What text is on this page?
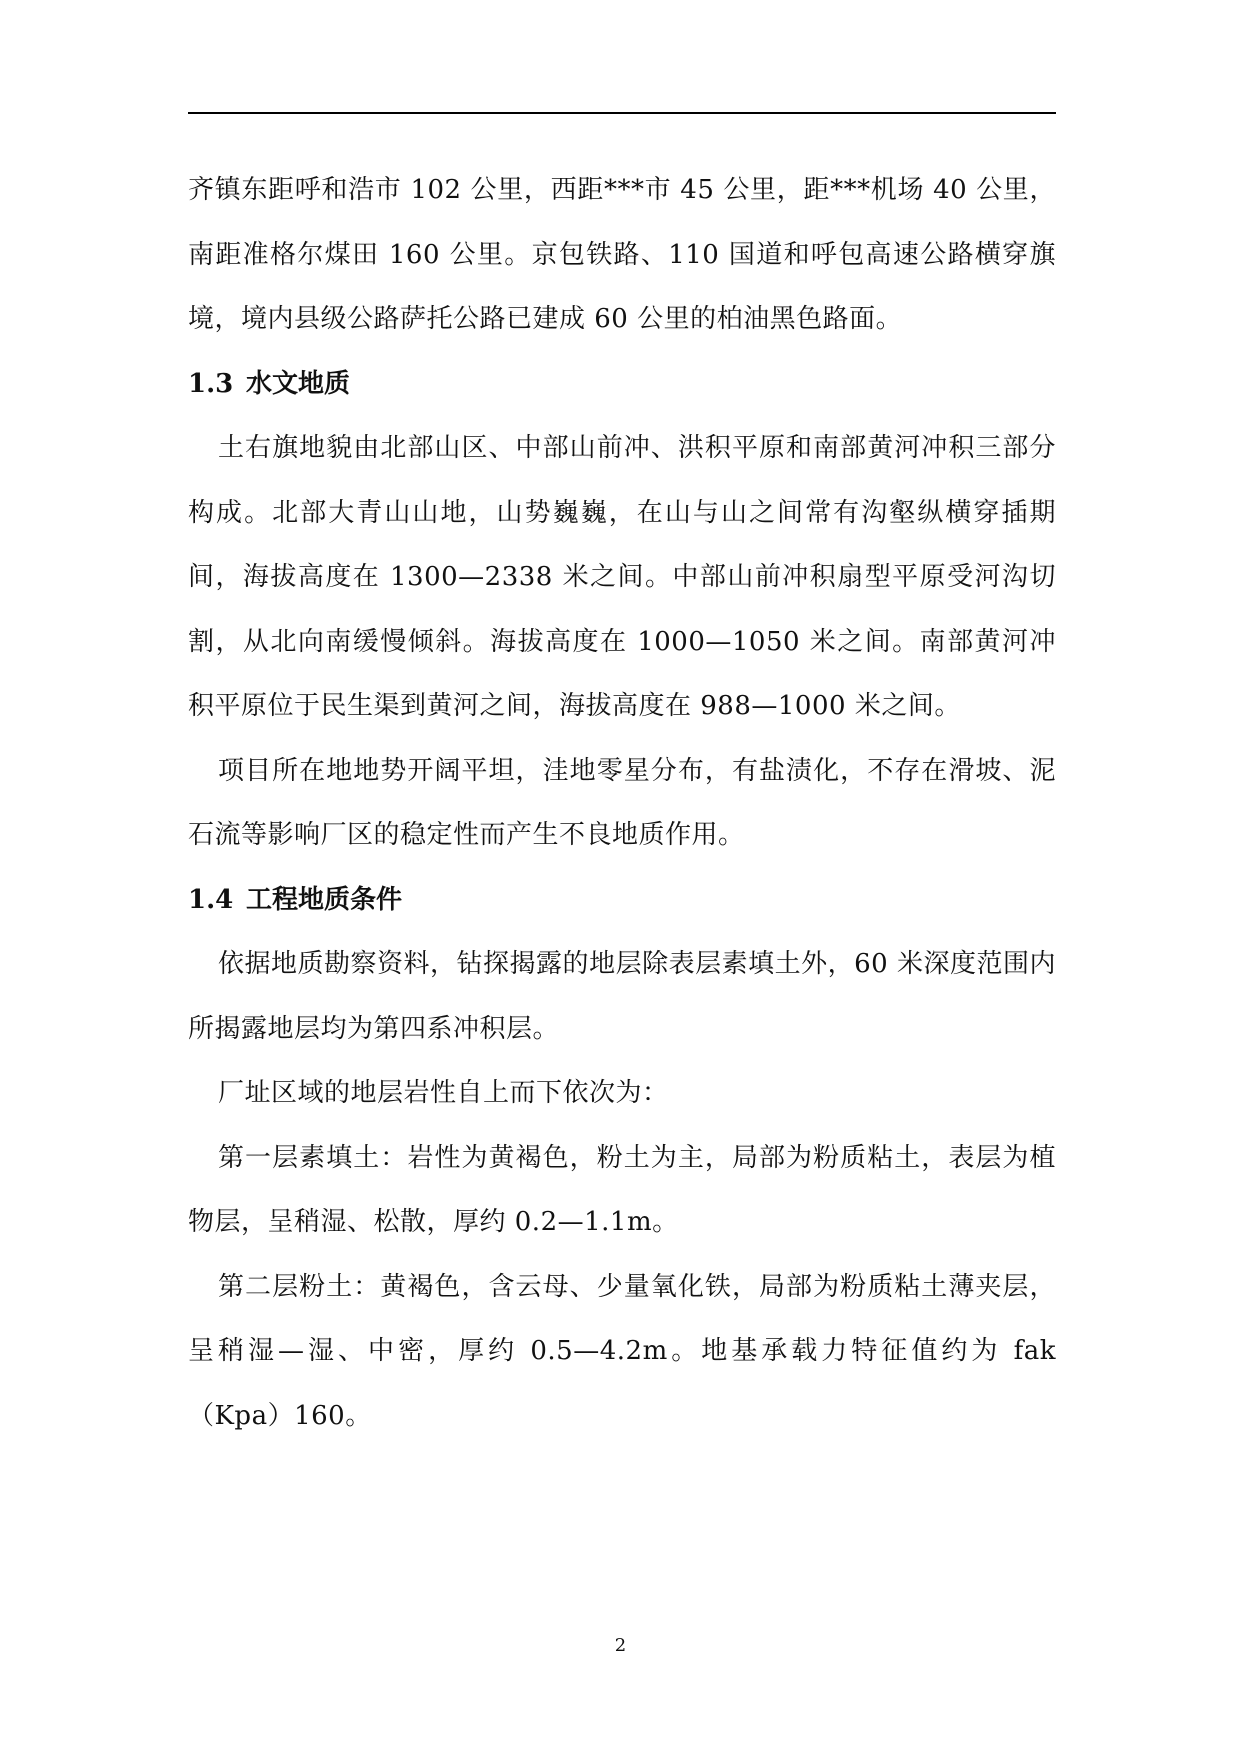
齐镇东距呼和浩市 102 公里，西距***市 45 公里，距***机场 40 公里，南距准格尔煤田 160 公里。京包铁路、110 国道和呼包高速公路横穿旗境，境内县级公路萨托公路已建成 60 公里的柏油黑色路面。

1.3 水文地质

土右旗地貌由北部山区、中部山前冲、洪积平原和南部黄河冲积三部分构成。北部大青山山地，山势巍巍，在山与山之间常有沟壑纵横穿插期间，海拔高度在 1300—2338 米之间。中部山前冲积扇型平原受河沟切割，从北向南缓慢倾斜。海拔高度在 1000—1050 米之间。南部黄河冲积平原位于民生渠到黄河之间，海拔高度在 988—1000 米之间。

项目所在地地势开阔平坦，洼地零星分布，有盐渍化，不存在滑坡、泥石流等影响厂区的稳定性而产生不良地质作用。

1.4 工程地质条件

依据地质勘察资料，钻探揭露的地层除表层素填土外，60 米深度范围内所揭露地层均为第四系冲积层。

厂址区域的地层岩性自上而下依次为：

第一层素填土：岩性为黄褐色，粉土为主，局部为粉质粘土，表层为植物层，呈稍湿、松散，厚约 0.2—1.1m。

第二层粉土：黄褐色，含云母、少量氧化铁，局部为粉质粘土薄夹层，呈稍湿—湿、中密，厚约 0.5—4.2m。地基承载力特征值约为 fak（Kpa）160。

2
